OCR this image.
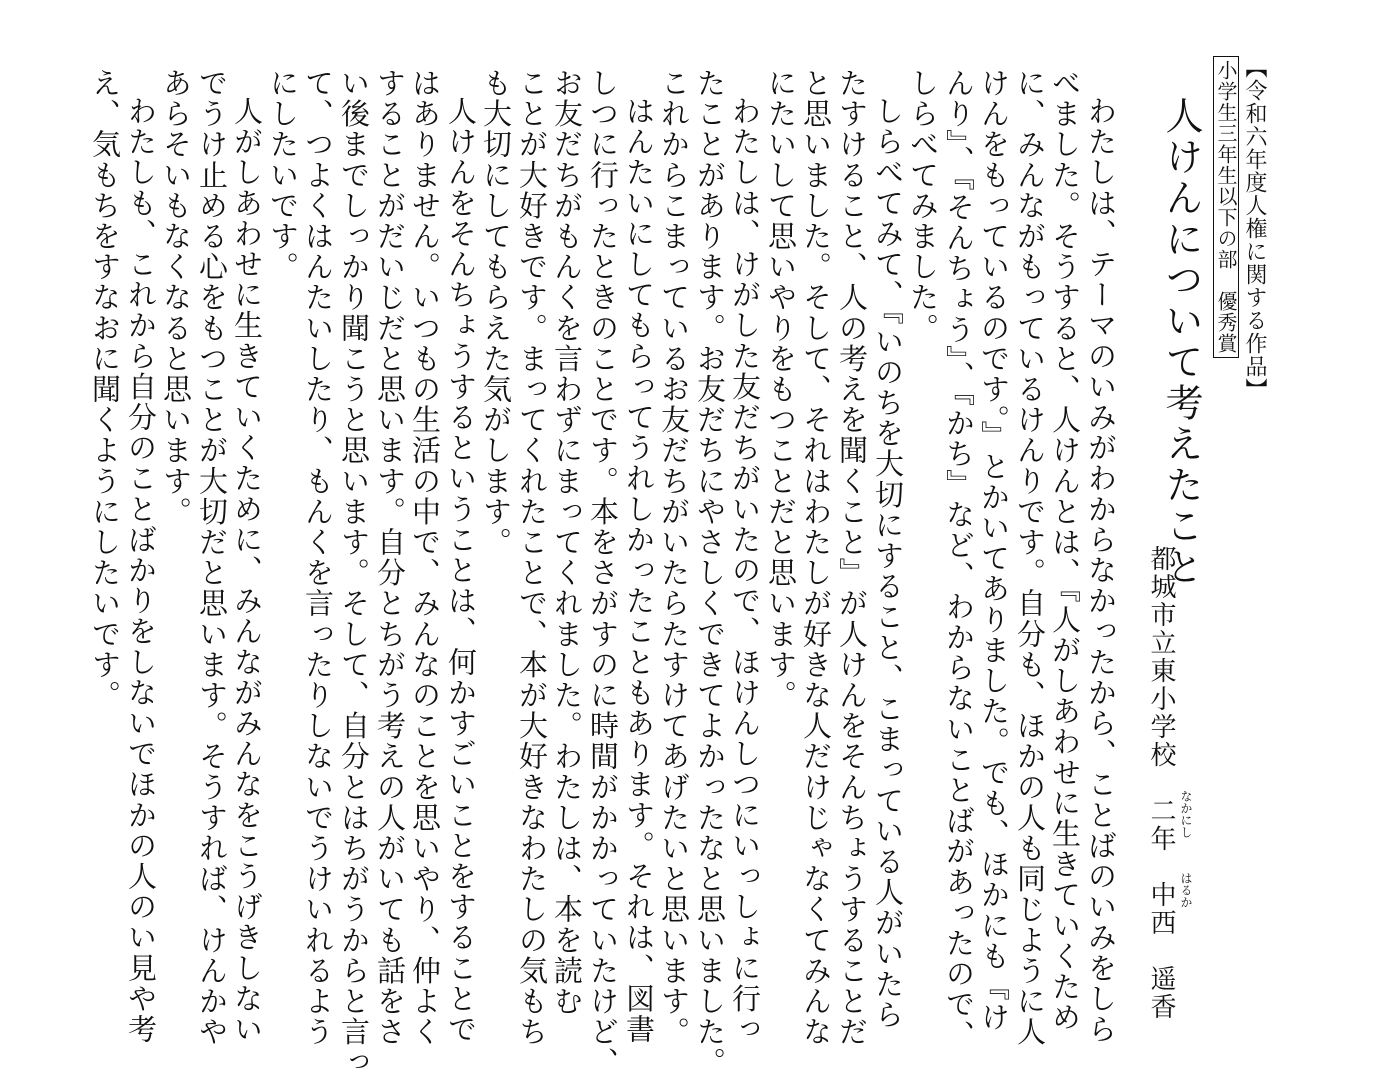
【令和六年度人権に関する作品】
小学生三年生以下の部　優秀賞
人けんについて考えたこと
都城市立東小学校　二年　中西　遥香 なかにし
はるか
わたしは、テーマのいみがわからなかったから、ことばのいみをしら
べました。そうすると、人けんとは、『人がしあわせに生きていくため
に、みんながもっているけんりです。自分も、ほかの人も同じように人
けんをもっているのです。』とかいてありました。でも、ほかにも『け
んり』、『そんちょう』、『かち』など、わからないことばがあったので、
しらべてみました。
しらべてみて、『いのちを大切にすること、こまっている人がいたら
たすけること、人の考えを聞くこと』が人けんをそんちょうすることだ
と思いました。そして、それはわたしが好きな人だけじゃなくてみんな
にたいして思いやりをもつことだと思います。
わたしは、けがした友だちがいたので、ほけんしつにいっしょに行っ
たことがあります。お友だちにやさしくできてよかったなと思いました。
これからこまっているお友だちがいたらたすけてあげたいと思います。
はんたいにしてもらってうれしかったこともあります。それは、図書
しつに行ったときのことです。本をさがすのに時間がかかっていたけど、
お友だちがもんくを言わずにまってくれました。わたしは、本を読む
ことが大好きです。まってくれたことで、本が大好きなわたしの気もち
も大切にしてもらえた気がします。
人けんをそんちょうするということは、何かすごいことをすることで
はありません。いつもの生活の中で、みんなのことを思いやり、仲よく
することがだいじだと思います。自分とちがう考えの人がいても話をさ
い後までしっかり聞こうと思います。そして、自分とはちがうからと言っ
て、つよくはんたいしたり、もんくを言ったりしないでうけいれるよう
にしたいです。
人がしあわせに生きていくために、みんながみんなをこうげきしない
でうけ止める心をもつことが大切だと思います。そうすれば、けんかや
あらそいもなくなると思います。
わたしも、これから自分のことばかりをしないでほかの人のい見や考
え、気もちをすなおに聞くようにしたいです。
